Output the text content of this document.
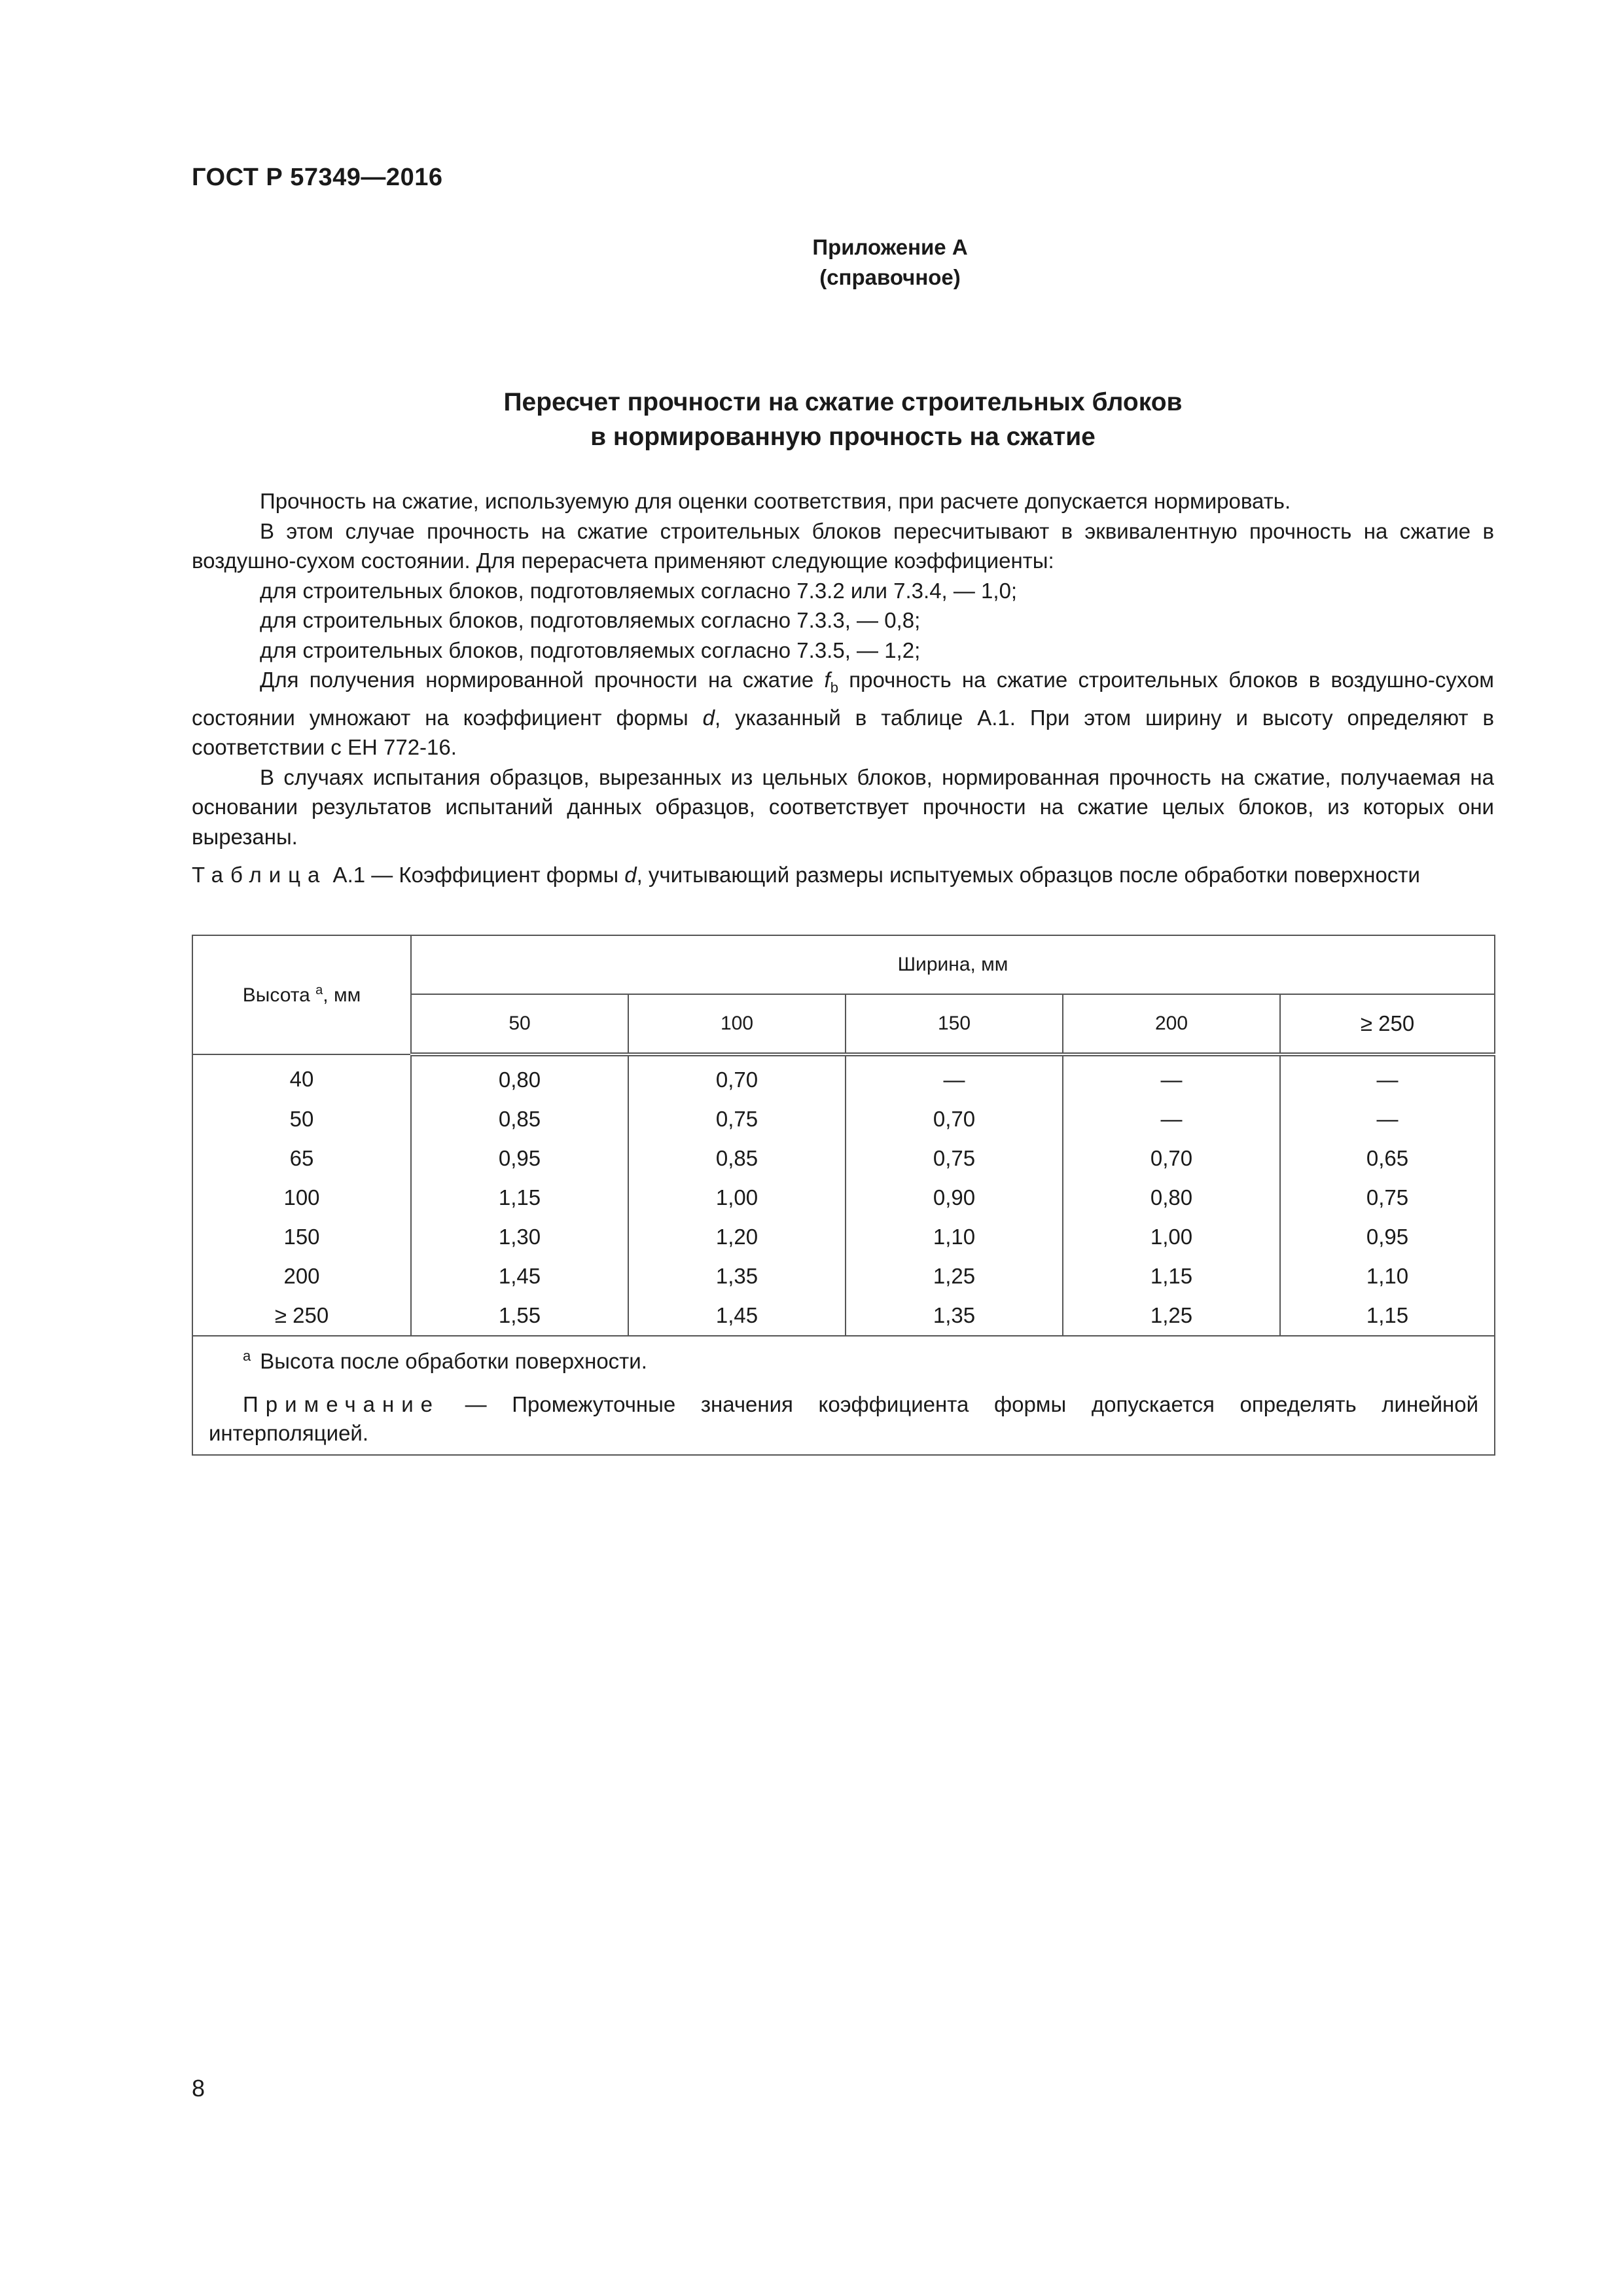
ГОСТ Р 57349—2016
Приложение А
(справочное)
Пересчет прочности на сжатие строительных блоков
в нормированную прочность на сжатие

Прочность на сжатие, используемую для оценки соответствия, при расчете допускается нормировать.

В этом случае прочность на сжатие строительных блоков пересчитывают в эквивалентную прочность на сжатие в воздушно-сухом состоянии. Для перерасчета применяют следующие коэффициенты:

для строительных блоков, подготовляемых согласно 7.3.2 или 7.3.4, — 1,0;

для строительных блоков, подготовляемых согласно 7.3.3, — 0,8;

для строительных блоков, подготовляемых согласно 7.3.5, — 1,2;

Для получения нормированной прочности на сжатие $f_b$ прочность на сжатие строительных блоков в воздушно-сухом состоянии умножают на коэффициент формы d, указанный в таблице А.1. При этом ширину и высоту определяют в соответствии с ЕН 772-16.

В случаях испытания образцов, вырезанных из цельных блоков, нормированная прочность на сжатие, получаемая на основании результатов испытаний данных образцов, соответствует прочности на сжатие целых блоков, из которых они вырезаны.

Таблица А.1 — Коэффициент формы d, учитывающий размеры испытуемых образцов после обработки поверхности
Высота $^а$, мм	Ширина, мм				
	50	100	150	200	≥ 250
40	0,80	0,70	—	—	—
50	0,85	0,75	0,70	—	—
65	0,95	0,85	0,75	0,70	0,65
100	1,15	1,00	0,90	0,80	0,75
150	1,30	1,20	1,10	1,00	0,95
200	1,45	1,35	1,25	1,15	1,10
≥ 250	1,55	1,45	1,35	1,25	1,15

$^а$ Высота после обработки поверхности.

Примечание — Промежуточные значения коэффициента формы допускается определять линейной интерполяцией.					

8
